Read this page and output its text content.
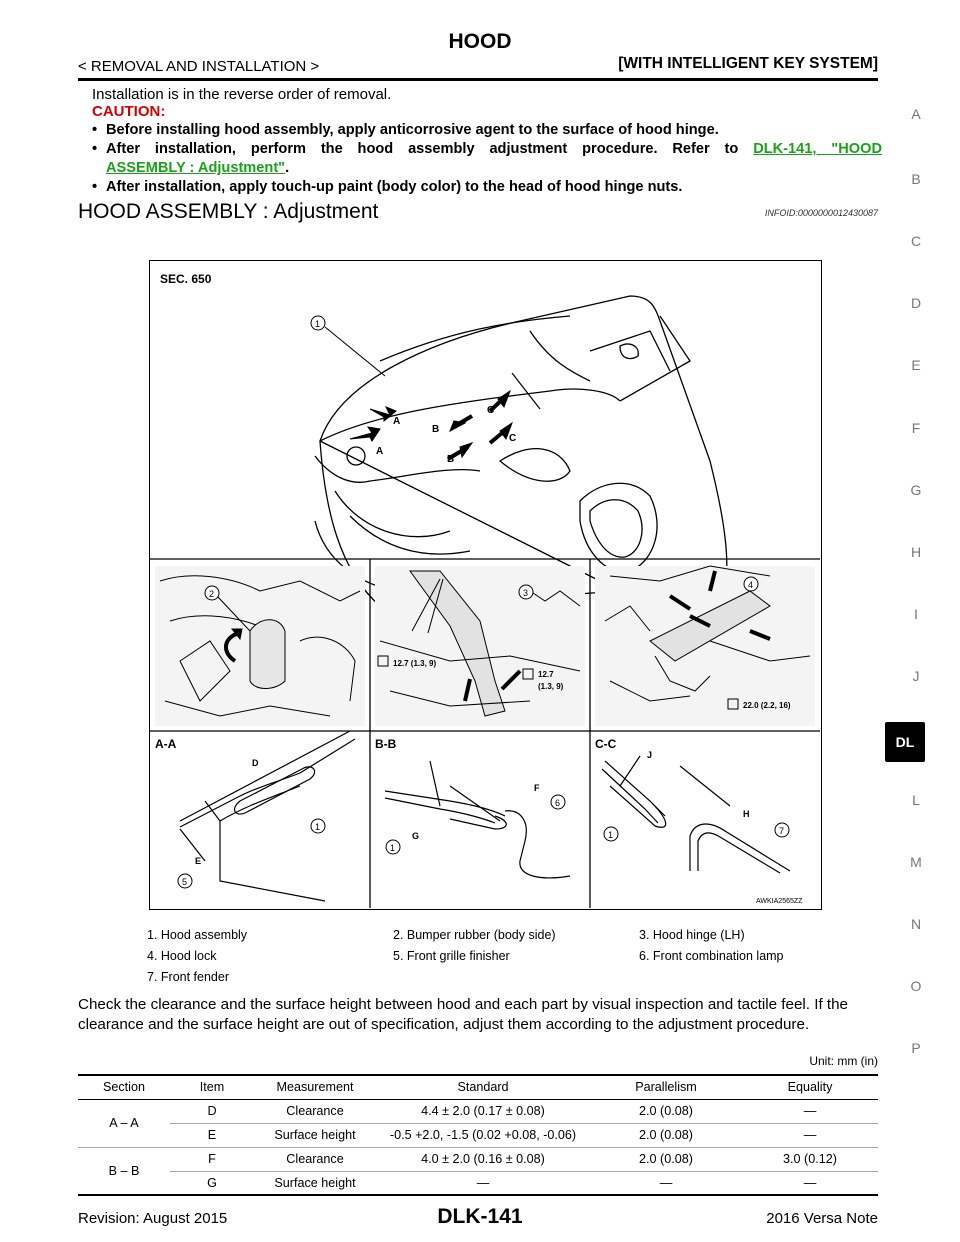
HOOD
< REMOVAL AND INSTALLATION >	[WITH INTELLIGENT KEY SYSTEM]
A
B
C
D
E
F
G
H
I
J
DL
L
M
N
O
P
Installation is in the reverse order of removal.
CAUTION:
• Before installing hood assembly, apply anticorrosive agent to the surface of hood hinge.
• After installation, perform the hood assembly adjustment procedure. Refer to DLK-141, "HOOD
ASSEMBLY : Adjustment".
• After installation, apply touch-up paint (body color) to the head of hood hinge nuts.
HOOD ASSEMBLY : Adjustment	INFOID:0000000012430087
SEC. 650
A
A
B
B
C
C
1
2	3
12.7 (1.3, 9)
12.7
(1.3, 9)
4
22.0 (2.2, 16)
A-A	B-B	C-C
D
E
1
5
F
G
6
1
J
H
1	7
AWKIA2565ZZ
1. Hood assembly	2. Bumper rubber (body side)	3. Hood hinge (LH)
4. Hood lock	5. Front grille finisher	6. Front combination lamp
7. Front fender
Check the clearance and the surface height between hood and each part by visual inspection and tactile feel. If the clearance and the surface height are out of specification, adjust them according to the adjustment procedure.
Unit: mm (in)
Section	Item	Measurement	Standard	Parallelism	Equality
A – A	D	Clearance	4.4 ± 2.0 (0.17 ± 0.08)	2.0 (0.08)	—
	E	Surface height	-0.5 +2.0, -1.5 (0.02 +0.08, -0.06)	2.0 (0.08)	—
B – B	F	Clearance	4.0 ± 2.0 (0.16 ± 0.08)	2.0 (0.08)	3.0 (0.12)
	G	Surface height	—	—	—
Revision: August 2015	DLK-141	2016 Versa Note
